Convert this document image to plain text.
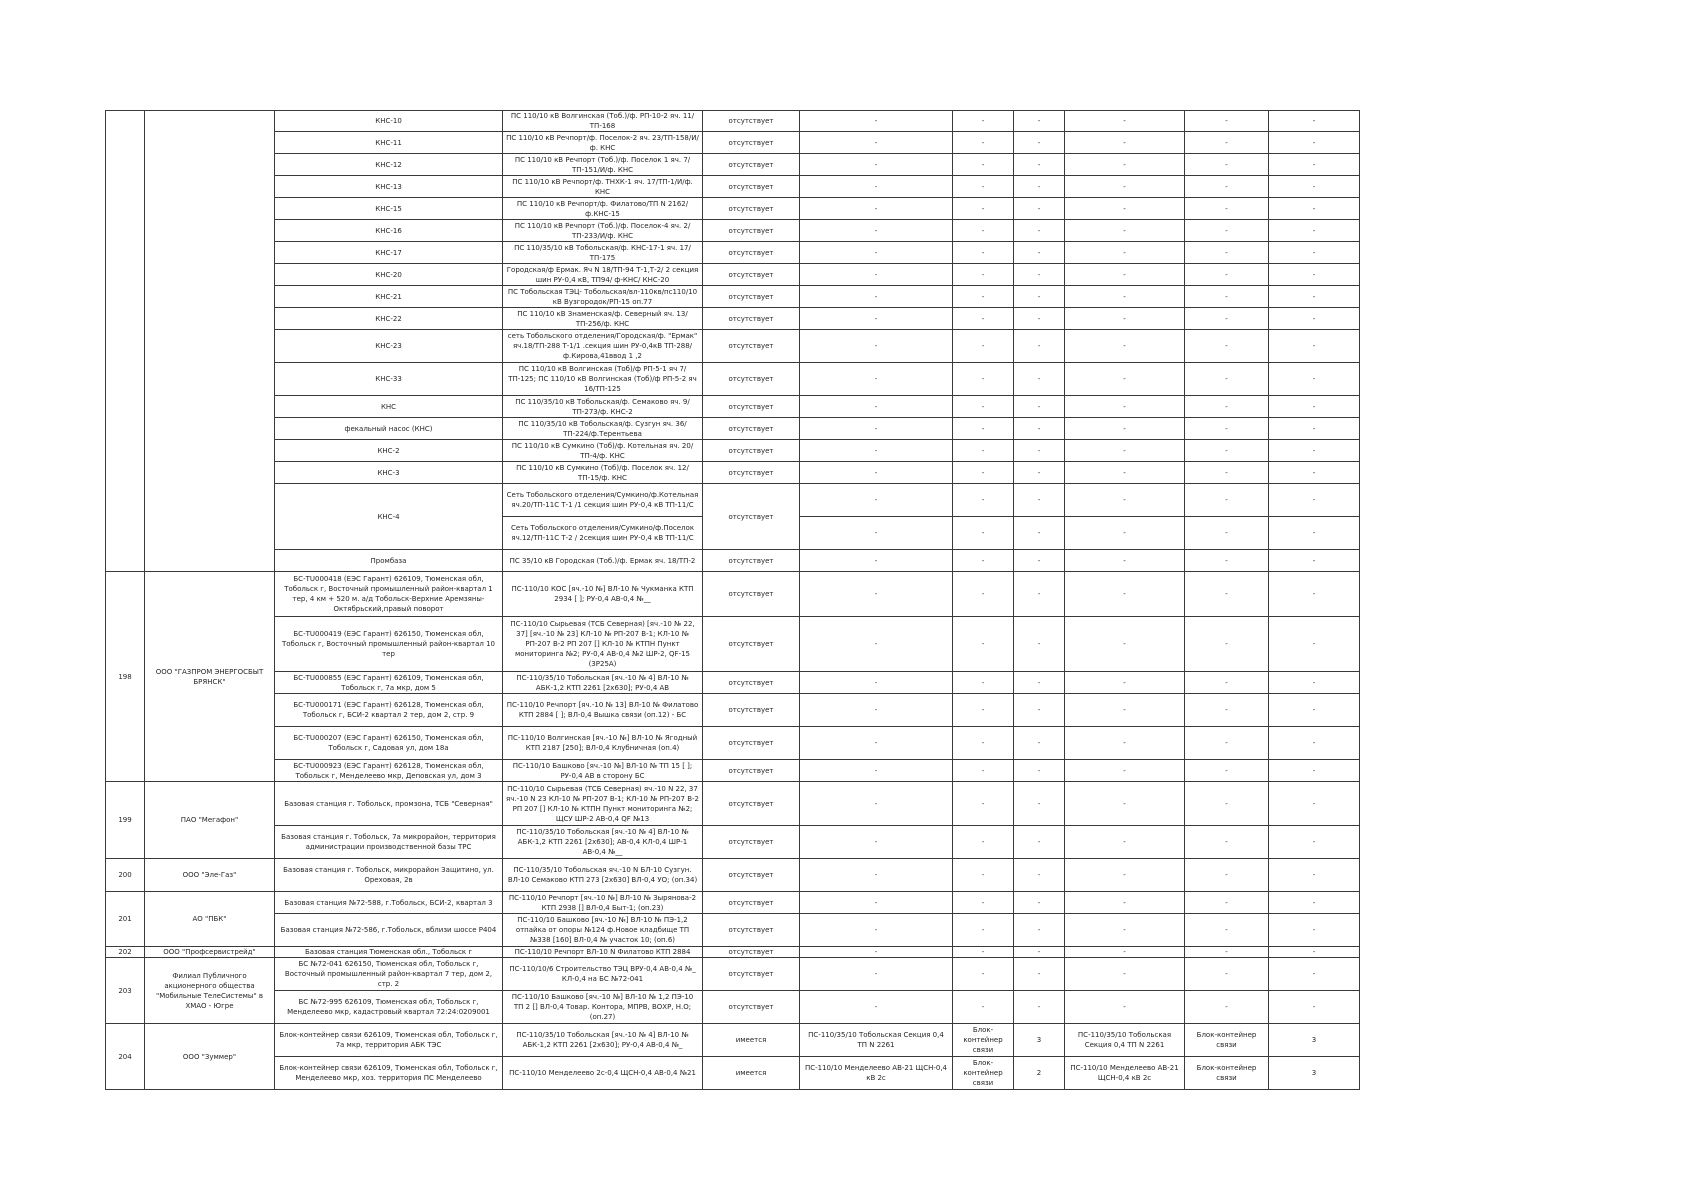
		КНС-10	ПС 110/10 кВ Волгинская (Тоб.)/ф. РП-10-2 яч. 11/ТП-168	отсутствует	-	-	-	-	-	-
		КНС-11	ПС 110/10 кВ Речпорт/ф. Поселок-2 яч. 23/ТП-158/И/ф. КНС	отсутствует	-	-	-	-	-	-
		КНС-12	ПС 110/10 кВ Речпорт (Тоб.)/ф. Поселок 1 яч. 7/ТП-151/И/ф. КНС	отсутствует	-	-	-	-	-	-
		КНС-13	ПС 110/10 кВ Речпорт/ф. ТНХК-1 яч. 17/ТП-1/И/ф. КНС	отсутствует	-	-	-	-	-	-
		КНС-15	ПС 110/10 кВ Речпорт/ф. Филатово/ТП N 2162/ф.КНС-15	отсутствует	-	-	-	-	-	-
		КНС-16	ПС 110/10 кВ Речпорт (Тоб.)/ф. Поселок-4 яч. 2/ТП-233/И/ф. КНС	отсутствует	-	-	-	-	-	-
		КНС-17	ПС 110/35/10 кВ Тобольская/ф. КНС-17-1 яч. 17/ТП-175	отсутствует	-	-	-	-	-	-
		КНС-20	Городская/ф Ермак. Яч N 18/ТП-94 Т-1,Т-2/ 2 секция шин РУ-0,4 кВ, ТП94/ ф-КНС/ КНС-20	отсутствует	-	-	-	-	-	-
		КНС-21	ПС Тобольская ТЭЦ- Тобольская/вл-110кв/пс110/10 кВ Вузгородок/РП-15 оп.77	отсутствует	-	-	-	-	-	-
		КНС-22	ПС 110/10 кВ Знаменская/ф. Северный яч. 13/ТП-256/ф. КНС	отсутствует	-	-	-	-	-	-
		КНС-23	сеть Тобольского отделения/Городская/ф. "Ермак" яч.18/ТП-288 Т-1/1 .секция шин РУ-0,4кВ ТП-288/ф.Кирова,41ввод 1 ,2	отсутствует	-	-	-	-	-	-
		КНС-33	ПС 110/10 кВ Волгинская (Тоб)/ф РП-5-1 яч 7/ТП-125; ПС 110/10 кВ Волгинская (Тоб)/ф РП-5-2 яч 16/ТП-125	отсутствует	-	-	-	-	-	-
		КНС	ПС 110/35/10 кВ Тобольская/ф. Семаково яч. 9/ТП-273/ф. КНС-2	отсутствует	-	-	-	-	-	-
		фекальный насос (КНС)	ПС 110/35/10 кВ Тобольская/ф. Сузгун яч. 36/ТП-224/ф.Терентьева	отсутствует	-	-	-	-	-	-
		КНС-2	ПС 110/10 кВ Сумкино (Тоб)/ф. Котельная яч. 20/ТП-4/ф. КНС	отсутствует	-	-	-	-	-	-
		КНС-3	ПС 110/10 кВ Сумкино (Тоб)/ф. Поселок яч. 12/ТП-15/ф. КНС	отсутствует	-	-	-	-	-	-
		КНС-4	Сеть Тобольского отделения/Сумкино/ф.Котельная яч.20/ТП-11С Т-1 /1 секция шин РУ-0,4 кВ ТП-11/С	отсутствует	-	-	-	-	-	-
			Сеть Тобольского отделения/Сумкино/ф.Поселок яч.12/ТП-11С Т-2 / 2секция шин РУ-0,4 кВ ТП-11/С		-	-	-	-	-	-
		Промбаза	ПС 35/10 кВ Городская (Тоб.)/ф. Ермак яч. 18/ТП-2	отсутствует	-	-	-	-	-	-
198	ООО "ГАЗПРОМ ЭНЕРГОСБЫТ БРЯНСК"	БС-TU000418 (ЕЭС Гарант) 626109, Тюменская обл, Тобольск г, Восточный промышленный район-квартал 1 тер, 4 км + 520 м. а/д Тобольск-Верхние Аремзяны- Октябрьский,правый поворот	ПС-110/10 КОС [яч.-10 №] ВЛ-10 № Чукманка КТП 2934 [ ]; РУ-0,4 АВ-0,4 №__	отсутствует	-	-	-	-	-	-
		БС-TU000419 (ЕЭС Гарант) 626150, Тюменская обл, Тобольск г, Восточный промышленный район-квартал 10 тер	ПС-110/10 Сырьевая (ТСБ Северная) [яч.-10 № 22, 37] [яч.-10 № 23] КЛ-10 № РП-207 В-1; КЛ-10 № РП-207 В-2 РП 207 [] КЛ-10 № КТПН Пункт мониторинга №2; РУ-0,4 АВ-0,4 №2 ШР-2, QF-15 (3Р25А)	отсутствует	-	-	-	-	-	-
		БС-TU000855 (ЕЭС Гарант) 626109, Тюменская обл, Тобольск г, 7а мкр, дом 5	ПС-110/35/10 Тобольская [яч.-10 № 4] ВЛ-10 № АБК-1,2 КТП 2261 [2х630]; РУ-0,4 АВ	отсутствует	-	-	-	-	-	-
		БС-TU000171 (ЕЭС Гарант) 626128, Тюменская обл, Тобольск г, БСИ-2 квартал 2 тер, дом 2, стр. 9	ПС-110/10 Речпорт [яч.-10 № 13] ВЛ-10 № Филатово КТП 2884 [ ]; ВЛ-0,4 Вышка связи (оп.12) - БС	отсутствует	-	-	-	-	-	-
		БС-TU000207 (ЕЭС Гарант) 626150, Тюменская обл, Тобольск г, Садовая ул, дом 18а	ПС-110/10 Волгинская [яч.-10 №] ВЛ-10 № Ягодный КТП 2187 [250]; ВЛ-0,4 Клубничная (оп.4)	отсутствует	-	-	-	-	-	-
		БС-TU000923 (ЕЭС Гарант) 626128, Тюменская обл, Тобольск г, Менделеево мкр, Деповская ул, дом 3	ПС-110/10 Башково [яч.-10 №] ВЛ-10 № ТП 15 [ ]; РУ-0,4 АВ в сторону БС	отсутствует	-	-	-	-	-	-
199	ПАО "Мегафон"	Базовая станция г. Тобольск, промзона, ТСБ "Северная"	ПС-110/10 Сырьевая (ТСБ Северная) яч.-10 N 22, 37 яч.-10 N 23 КЛ-10 № РП-207 В-1; КЛ-10 № РП-207 В-2 РП 207 [] КЛ-10 № КТПН Пункт мониторинга №2; ЩСУ ШР-2 АВ-0,4 QF №13	отсутствует	-	-	-	-	-	-
		Базовая станция г. Тобольск, 7а микрорайон, территория администрации производственной базы ТРС	ПС-110/35/10 Тобольская [яч.-10 № 4] ВЛ-10 № АБК-1,2 КТП 2261 [2х630]; АВ-0,4 КЛ-0,4 ШР-1 АВ-0,4 №__	отсутствует	-	-	-	-	-	-
200	ООО "Эле-Газ"	Базовая станция г. Тобольск, микрорайон Защитино, ул. Ореховая, 2в	ПС-110/35/10 Тобольская яч.-10 N БЛ-10 Сузгун. ВЛ-10 Семаково КТП 273 [2х630] ВЛ-0,4 УО; (оп.34)	отсутствует	-	-	-	-	-	-
201	АО "ПБК"	Базовая станция №72-588, г.Тобольск, БСИ-2, квартал 3	ПС-110/10 Речпорт [яч.-10 №] ВЛ-10 № Зырянова-2 КТП 2938 [] ВЛ-0,4 Быт-1; (оп.23)	отсутствует	-	-	-	-	-	-
		Базовая станция №72-586, г.Тобольск, вблизи шоссе Р404	ПС-110/10 Башково [яч.-10 №] ВЛ-10 № ПЭ-1,2 отпайка от опоры №124 ф.Новое кладбище ТП №338 [160] ВЛ-0,4 № участок 10; (оп.6)	отсутствует	-	-	-	-	-	-
202	ООО "Профсервистрейд"	Базовая станция Тюменская обл., Тобольск г	ПС-110/10 Речпорт ВЛ-10 N Филатово КТП 2884	отсутствует	-	-	-	-	-	-
203	Филиал Публичного акционерного общества "Мобильные ТелеСистемы" в ХМАО - Югре	БС №72-041 626150, Тюменская обл, Тобольск г, Восточный промышленный район-квартал 7 тер, дом 2, стр. 2	ПС-110/10/6 Строительство ТЭЦ ВРУ-0,4 АВ-0,4 №_ КЛ-0,4 на БС №72-041	отсутствует	-	-	-	-	-	-
		БС №72-995 626109, Тюменская обл, Тобольск г, Менделеево мкр, кадастровый квартал 72:24:0209001	ПС-110/10 Башково [яч.-10 №] ВЛ-10 № 1,2 ПЭ-10 ТП 2 [] ВЛ-0,4 Товар. Контора, МПРВ, ВОХР, Н.О; (оп.27)	отсутствует	-	-	-	-	-	-
204	ООО "Зуммер"	Блок-контейнер связи 626109, Тюменская обл, Тобольск г, 7а мкр, территория АБК ТЭС	ПС-110/35/10 Тобольская [яч.-10 № 4] ВЛ-10 № АБК-1,2 КТП 2261 [2х630]; РУ-0,4 АВ-0,4 №_	имеется	ПС-110/35/10 Тобольская Секция 0,4 ТП N 2261	Блок-контейнер связи	3	ПС-110/35/10 Тобольская Секция 0,4 ТП N 2261	Блок-контейнер связи	3
		Блок-контейнер связи 626109, Тюменская обл, Тобольск г, Менделеево мкр, хоз. территория ПС Менделеево	ПС-110/10 Менделеево 2с-0,4 ЩСН-0,4 АВ-0,4 №21	имеется	ПС-110/10 Менделеево АВ-21 ЩСН-0,4 кВ 2с	Блок-контейнер связи	2	ПС-110/10 Менделеево АВ-21 ЩСН-0,4 кВ 2с	Блок-контейнер связи	3
